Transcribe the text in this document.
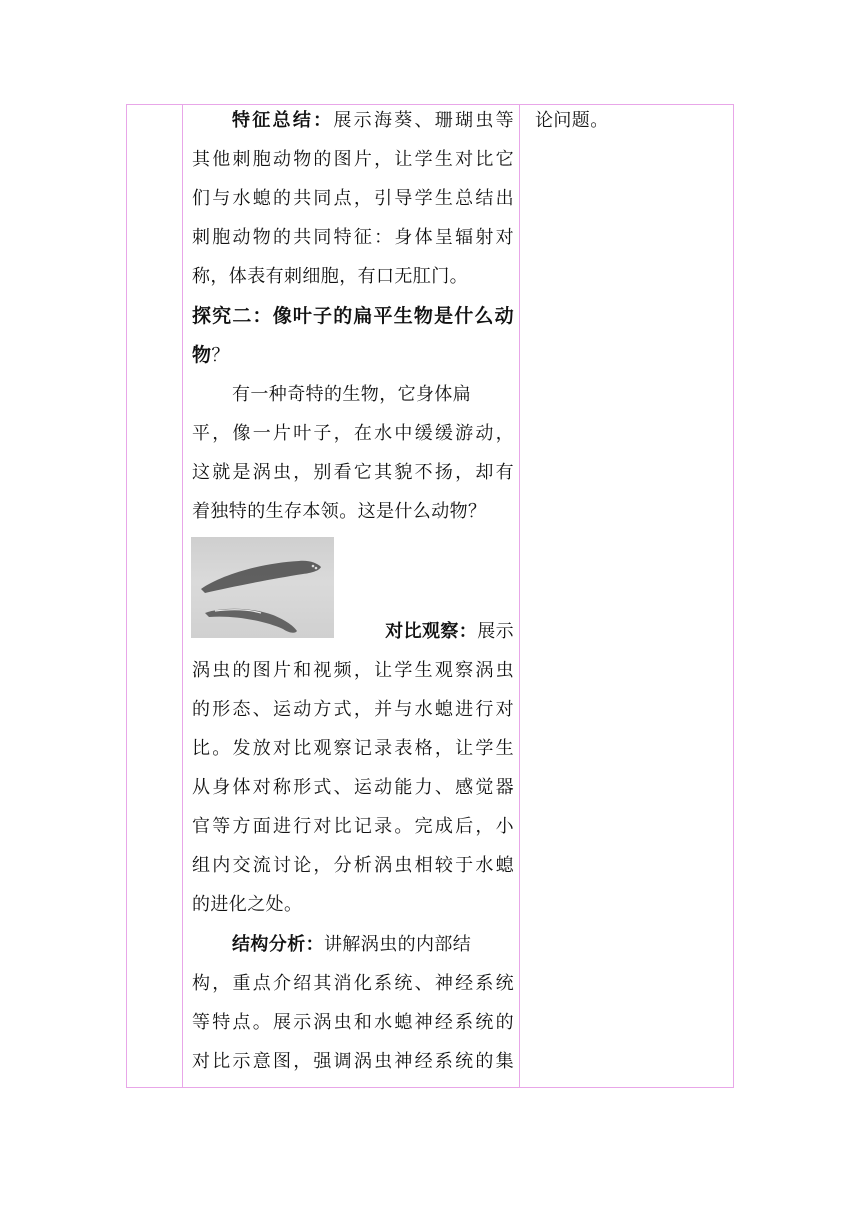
特征总结：展示海葵、珊瑚虫等
其他刺胞动物的图片，让学生对比它
们与水螅的共同点，引导学生总结出
刺胞动物的共同特征：身体呈辐射对
称，体表有刺细胞，有口无肛门。
探究二：像叶子的扁平生物是什么动
物？
有一种奇特的生物，它身体扁
平，像一片叶子，在水中缓缓游动，
这就是涡虫，别看它其貌不扬，却有
着独特的生存本领。这是什么动物？
对比观察：展示
涡虫的图片和视频，让学生观察涡虫
的形态、运动方式，并与水螅进行对
比。发放对比观察记录表格，让学生
从身体对称形式、运动能力、感觉器
官等方面进行对比记录。完成后，小
组内交流讨论，分析涡虫相较于水螅
的进化之处。
结构分析：讲解涡虫的内部结
构，重点介绍其消化系统、神经系统
等特点。展示涡虫和水螅神经系统的
对比示意图，强调涡虫神经系统的集
论问题。
